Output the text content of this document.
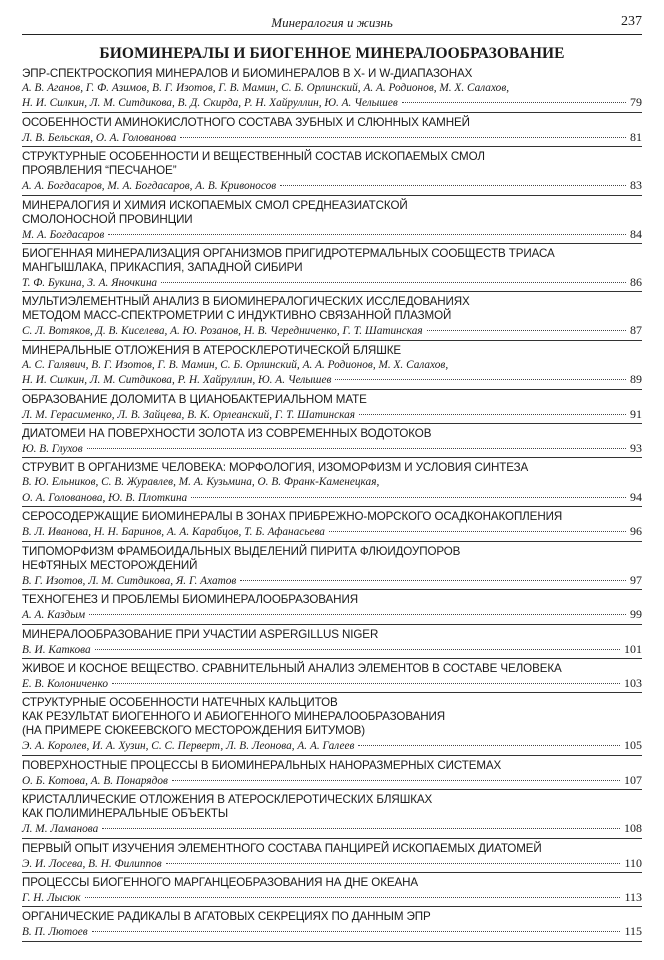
Минералогия и жизнь	237
БИОМИНЕРАЛЫ И БИОГЕННОЕ МИНЕРАЛООБРАЗОВАНИЕ
ЭПР-СПЕКТРОСКОПИЯ МИНЕРАЛОВ И БИОМИНЕРАЛОВ В X- И W-ДИАПАЗОНАХ
А. В. Аганов, Г. Ф. Азимов, В. Г. Изотов, Г. В. Мамин, С. Б. Орлинский, А. А. Родионов, М. Х. Салахов,
Н. И. Силкин, Л. М. Ситдикова, В. Д. Скирда, Р. Н. Хайруллин, Ю. А. Челышев	79
ОСОБЕННОСТИ АМИНОКИСЛОТНОГО СОСТАВА ЗУБНЫХ И СЛЮННЫХ КАМНЕЙ
Л. В. Бельская, О. А. Голованова	81
СТРУКТУРНЫЕ ОСОБЕННОСТИ И ВЕЩЕСТВЕННЫЙ СОСТАВ ИСКОПАЕМЫХ СМОЛ
ПРОЯВЛЕНИЯ “ПЕСЧАНОЕ”
А. А. Богдасаров, М. А. Богдасаров, А. В. Кривоносов	83
МИНЕРАЛОГИЯ И ХИМИЯ ИСКОПАЕМЫХ СМОЛ СРЕДНЕАЗИАТСКОЙ
СМОЛОНОСНОЙ ПРОВИНЦИИ
М. А. Богдасаров	84
БИОГЕННАЯ МИНЕРАЛИЗАЦИЯ ОРГАНИЗМОВ ПРИГИДРОТЕРМАЛЬНЫХ СООБЩЕСТВ ТРИАСА
МАНГЫШЛАКА, ПРИКАСПИЯ, ЗАПАДНОЙ СИБИРИ
Т. Ф. Букина, З. А. Яночкина	86
МУЛЬТИЭЛЕМЕНТНЫЙ АНАЛИЗ В БИОМИНЕРАЛОГИЧЕСКИХ ИССЛЕДОВАНИЯХ
МЕТОДОМ МАСС-СПЕКТРОМЕТРИИ С ИНДУКТИВНО СВЯЗАННОЙ ПЛАЗМОЙ
С. Л. Вотяков, Д. В. Киселева, А. Ю. Розанов, Н. В. Чередниченко, Г. Т. Шатинская	87
МИНЕРАЛЬНЫЕ ОТЛОЖЕНИЯ В АТЕРОСКЛЕРОТИЧЕСКОЙ БЛЯШКЕ
А. С. Галявич, В. Г. Изотов, Г. В. Мамин, С. Б. Орлинский, А. А. Родионов, М. Х. Салахов,
Н. И. Силкин, Л. М. Ситдикова, Р. Н. Хайруллин, Ю. А. Челышев	89
ОБРАЗОВАНИЕ ДОЛОМИТА В ЦИАНОБАКТЕРИАЛЬНОМ МАТЕ
Л. М. Герасименко, Л. В. Зайцева, В. К. Орлеанский, Г. Т. Шатинская	91
ДИАТОМЕИ НА ПОВЕРХНОСТИ ЗОЛОТА ИЗ СОВРЕМЕННЫХ ВОДОТОКОВ
Ю. В. Глухов	93
СТРУВИТ В ОРГАНИЗМЕ ЧЕЛОВЕКА: МОРФОЛОГИЯ, ИЗОМОРФИЗМ И УСЛОВИЯ СИНТЕЗА
В. Ю. Ельников, С. В. Журавлев, М. А. Кузьмина, О. В. Франк-Каменецкая,
О. А. Голованова, Ю. В. Плоткина	94
СЕРОСОДЕРЖАЩИЕ БИОМИНЕРАЛЫ В ЗОНАХ ПРИБРЕЖНО-МОРСКОГО ОСАДКОНАКОПЛЕНИЯ
В. Л. Иванова, Н. Н. Баринов, А. А. Карабцов, Т. Б. Афанасьева	96
ТИПОМОРФИЗМ ФРАМБОИДАЛЬНЫХ ВЫДЕЛЕНИЙ ПИРИТА ФЛЮИДОУПОРОВ
НЕФТЯНЫХ МЕСТОРОЖДЕНИЙ
В. Г. Изотов, Л. М. Ситдикова, Я. Г. Ахатов	97
ТЕХНОГЕНЕЗ И ПРОБЛЕМЫ БИОМИНЕРАЛООБРАЗОВАНИЯ
А. А. Каздым	99
МИНЕРАЛООБРАЗОВАНИЕ ПРИ УЧАСТИИ ASPERGILLUS NIGER
В. И. Каткова	101
ЖИВОЕ И КОСНОЕ ВЕЩЕСТВО. СРАВНИТЕЛЬНЫЙ АНАЛИЗ ЭЛЕМЕНТОВ В СОСТАВЕ ЧЕЛОВЕКА
Е. В. Колониченко	103
СТРУКТУРНЫЕ ОСОБЕННОСТИ НАТЕЧНЫХ КАЛЬЦИТОВ
КАК РЕЗУЛЬТАТ БИОГЕННОГО И АБИОГЕННОГО МИНЕРАЛООБРАЗОВАНИЯ
(НА ПРИМЕРЕ СЮКЕЕВСКОГО МЕСТОРОЖДЕНИЯ БИТУМОВ)
Э. А. Королев, И. А. Хузин, С. С. Перверт, Л. В. Леонова, А. А. Галеев	105
ПОВЕРХНОСТНЫЕ ПРОЦЕССЫ В БИОМИНЕРАЛЬНЫХ НАНОРАЗМЕРНЫХ СИСТЕМАХ
О. Б. Котова, А. В. Понарядов	107
КРИСТАЛЛИЧЕСКИЕ ОТЛОЖЕНИЯ В АТЕРОСКЛЕРОТИЧЕСКИХ БЛЯШКАХ
КАК ПОЛИМИНЕРАЛЬНЫЕ ОБЪЕКТЫ
Л. М. Ламанова	108
ПЕРВЫЙ ОПЫТ ИЗУЧЕНИЯ ЭЛЕМЕНТНОГО СОСТАВА ПАНЦИРЕЙ ИСКОПАЕМЫХ ДИАТОМЕЙ
Э. И. Лосева, В. Н. Филиппов	110
ПРОЦЕССЫ БИОГЕННОГО МАРГАНЦЕОБРАЗОВАНИЯ НА ДНЕ ОКЕАНА
Г. Н. Лысюк	113
ОРГАНИЧЕСКИЕ РАДИКАЛЫ В АГАТОВЫХ СЕКРЕЦИЯХ ПО ДАННЫМ ЭПР
В. П. Лютоев	115
